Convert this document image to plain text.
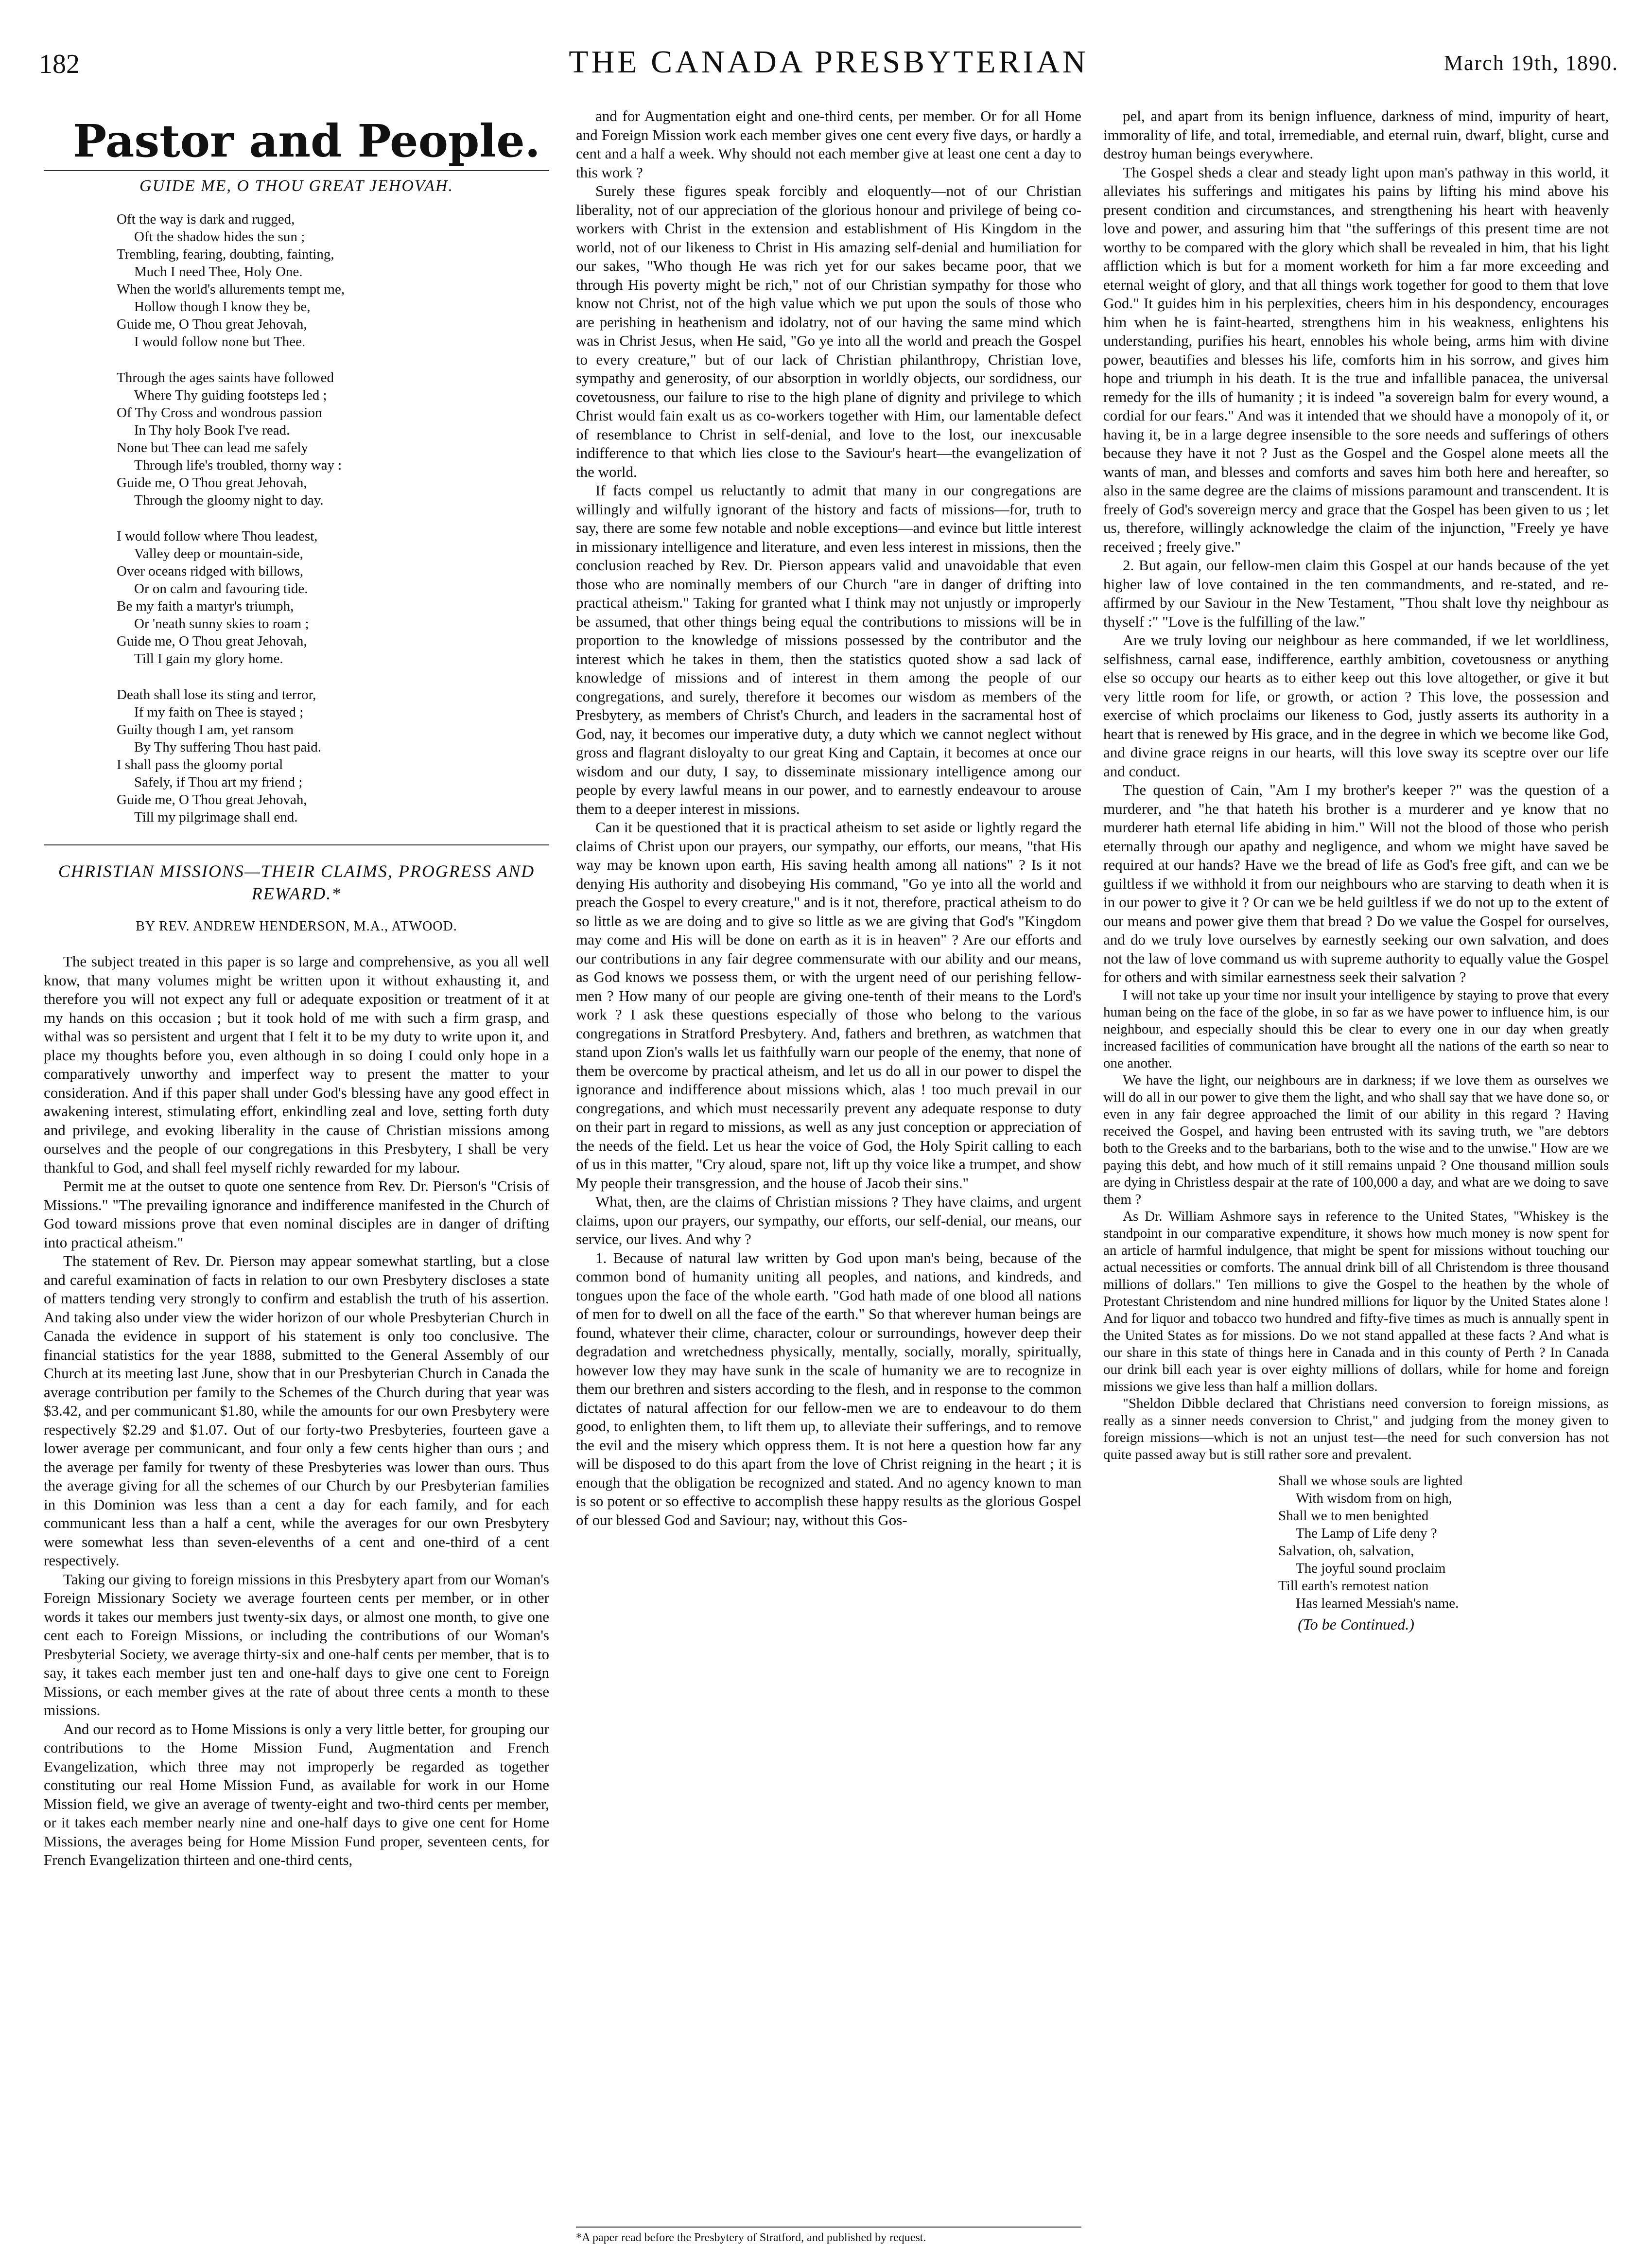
182	THE CANADA PRESBYTERIAN	March 19th, 1890.
Pastor and People.
GUIDE ME, O THOU GREAT JEHOVAH.
Oft the way is dark and rugged,
Oft the shadow hides the sun ;
Trembling, fearing, doubting, fainting,
Much I need Thee, Holy One.
When the world's allurements tempt me,
Hollow though I know they be,
Guide me, O Thou great Jehovah,
I would follow none but Thee.
Through the ages saints have followed
Where Thy guiding footsteps led ;
Of Thy Cross and wondrous passion
In Thy holy Book I've read.
None but Thee can lead me safely
Through life's troubled, thorny way :
Guide me, O Thou great Jehovah,
Through the gloomy night to day.
I would follow where Thou leadest,
Valley deep or mountain-side,
Over oceans ridged with billows,
Or on calm and favouring tide.
Be my faith a martyr's triumph,
Or 'neath sunny skies to roam ;
Guide me, O Thou great Jehovah,
Till I gain my glory home.
Death shall lose its sting and terror,
If my faith on Thee is stayed ;
Guilty though I am, yet ransom
By Thy suffering Thou hast paid.
I shall pass the gloomy portal
Safely, if Thou art my friend ;
Guide me, O Thou great Jehovah,
Till my pilgrimage shall end.
CHRISTIAN MISSIONS—THEIR CLAIMS, PROGRESS AND REWARD.*
BY REV. ANDREW HENDERSON, M.A., ATWOOD.

The subject treated in this paper is so large and comprehensive, as you all well know, that many volumes might be written upon it without exhausting it, and therefore you will not expect any full or adequate exposition or treatment of it at my hands on this occasion ; but it took hold of me with such a firm grasp, and withal was so persistent and urgent that I felt it to be my duty to write upon it, and place my thoughts before you, even although in so doing I could only hope in a comparatively unworthy and imperfect way to present the matter to your consideration. And if this paper shall under God's blessing have any good effect in awakening interest, stimulating effort, enkindling zeal and love, setting forth duty and privilege, and evoking liberality in the cause of Christian missions among ourselves and the people of our congregations in this Presbytery, I shall be very thankful to God, and shall feel myself richly rewarded for my labour.

Permit me at the outset to quote one sentence from Rev. Dr. Pierson's "Crisis of Missions." "The prevailing ignorance and indifference manifested in the Church of God toward missions prove that even nominal disciples are in danger of drifting into practical atheism."

The statement of Rev. Dr. Pierson may appear somewhat startling, but a close and careful examination of facts in relation to our own Presbytery discloses a state of matters tending very strongly to confirm and establish the truth of his assertion. And taking also under view the wider horizon of our whole Presbyterian Church in Canada the evidence in support of his statement is only too conclusive. The financial statistics for the year 1888, submitted to the General Assembly of our Church at its meeting last June, show that in our Presbyterian Church in Canada the average contribution per family to the Schemes of the Church during that year was $3.42, and per communicant $1.80, while the amounts for our own Presbytery were respectively $2.29 and $1.07. Out of our forty-two Presbyteries, fourteen gave a lower average per communicant, and four only a few cents higher than ours ; and the average per family for twenty of these Presbyteries was lower than ours. Thus the average giving for all the schemes of our Church by our Presbyterian families in this Dominion was less than a cent a day for each family, and for each communicant less than a half a cent, while the averages for our own Presbytery were somewhat less than seven-elevenths of a cent and one-third of a cent respectively.

Taking our giving to foreign missions in this Presbytery apart from our Woman's Foreign Missionary Society we average fourteen cents per member, or in other words it takes our members just twenty-six days, or almost one month, to give one cent each to Foreign Missions, or including the contributions of our Woman's Presbyterial Society, we average thirty-six and one-half cents per member, that is to say, it takes each member just ten and one-half days to give one cent to Foreign Missions, or each member gives at the rate of about three cents a month to these missions.

And our record as to Home Missions is only a very little better, for grouping our contributions to the Home Mission Fund, Augmentation and French Evangelization, which three may not improperly be regarded as together constituting our real Home Mission Fund, as available for work in our Home Mission field, we give an average of twenty-eight and two-third cents per member, or it takes each member nearly nine and one-half days to give one cent for Home Missions, the averages being for Home Mission Fund proper, seventeen cents, for French Evangelization thirteen and one-third cents,

and for Augmentation eight and one-third cents, per member. Or for all Home and Foreign Mission work each member gives one cent every five days, or hardly a cent and a half a week. Why should not each member give at least one cent a day to this work ?

Surely these figures speak forcibly and eloquently—not of our Christian liberality, not of our appreciation of the glorious honour and privilege of being co-workers with Christ in the extension and establishment of His Kingdom in the world, not of our likeness to Christ in His amazing self-denial and humiliation for our sakes, "Who though He was rich yet for our sakes became poor, that we through His poverty might be rich," not of our Christian sympathy for those who know not Christ, not of the high value which we put upon the souls of those who are perishing in heathenism and idolatry, not of our having the same mind which was in Christ Jesus, when He said, "Go ye into all the world and preach the Gospel to every creature," but of our lack of Christian philanthropy, Christian love, sympathy and generosity, of our absorption in worldly objects, our sordidness, our covetousness, our failure to rise to the high plane of dignity and privilege to which Christ would fain exalt us as co-workers together with Him, our lamentable defect of resemblance to Christ in self-denial, and love to the lost, our inexcusable indifference to that which lies close to the Saviour's heart—the evangelization of the world.

If facts compel us reluctantly to admit that many in our congregations are willingly and wilfully ignorant of the history and facts of missions—for, truth to say, there are some few notable and noble exceptions—and evince but little interest in missionary intelligence and literature, and even less interest in missions, then the conclusion reached by Rev. Dr. Pierson appears valid and unavoidable that even those who are nominally members of our Church "are in danger of drifting into practical atheism." Taking for granted what I think may not unjustly or improperly be assumed, that other things being equal the contributions to missions will be in proportion to the knowledge of missions possessed by the contributor and the interest which he takes in them, then the statistics quoted show a sad lack of knowledge of missions and of interest in them among the people of our congregations, and surely, therefore it becomes our wisdom as members of the Presbytery, as members of Christ's Church, and leaders in the sacramental host of God, nay, it becomes our imperative duty, a duty which we cannot neglect without gross and flagrant disloyalty to our great King and Captain, it becomes at once our wisdom and our duty, I say, to disseminate missionary intelligence among our people by every lawful means in our power, and to earnestly endeavour to arouse them to a deeper interest in missions.

Can it be questioned that it is practical atheism to set aside or lightly regard the claims of Christ upon our prayers, our sympathy, our efforts, our means, "that His way may be known upon earth, His saving health among all nations" ? Is it not denying His authority and disobeying His command, "Go ye into all the world and preach the Gospel to every creature," and is it not, therefore, practical atheism to do so little as we are doing and to give so little as we are giving that God's "Kingdom may come and His will be done on earth as it is in heaven" ? Are our efforts and our contributions in any fair degree commensurate with our ability and our means, as God knows we possess them, or with the urgent need of our perishing fellow-men ? How many of our people are giving one-tenth of their means to the Lord's work ? I ask these questions especially of those who belong to the various congregations in Stratford Presbytery. And, fathers and brethren, as watchmen that stand upon Zion's walls let us faithfully warn our people of the enemy, that none of them be overcome by practical atheism, and let us do all in our power to dispel the ignorance and indifference about missions which, alas ! too much prevail in our congregations, and which must necessarily prevent any adequate response to duty on their part in regard to missions, as well as any just conception or appreciation of the needs of the field. Let us hear the voice of God, the Holy Spirit calling to each of us in this matter, "Cry aloud, spare not, lift up thy voice like a trumpet, and show My people their transgression, and the house of Jacob their sins."

What, then, are the claims of Christian missions ? They have claims, and urgent claims, upon our prayers, our sympathy, our efforts, our self-denial, our means, our service, our lives. And why ?

1. Because of natural law written by God upon man's being, because of the common bond of humanity uniting all peoples, and nations, and kindreds, and tongues upon the face of the whole earth. "God hath made of one blood all nations of men for to dwell on all the face of the earth." So that wherever human beings are found, whatever their clime, character, colour or surroundings, however deep their degradation and wretchedness physically, mentally, socially, morally, spiritually, however low they may have sunk in the scale of humanity we are to recognize in them our brethren and sisters according to the flesh, and in response to the common dictates of natural affection for our fellow-men we are to endeavour to do them good, to enlighten them, to lift them up, to alleviate their sufferings, and to remove the evil and the misery which oppress them. It is not here a question how far any will be disposed to do this apart from the love of Christ reigning in the heart ; it is enough that the obligation be recognized and stated. And no agency known to man is so potent or so effective to accomplish these happy results as the glorious Gospel of our blessed God and Saviour; nay, without this Gos-

pel, and apart from its benign influence, darkness of mind, impurity of heart, immorality of life, and total, irremediable, and eternal ruin, dwarf, blight, curse and destroy human beings everywhere.

The Gospel sheds a clear and steady light upon man's pathway in this world, it alleviates his sufferings and mitigates his pains by lifting his mind above his present condition and circumstances, and strengthening his heart with heavenly love and power, and assuring him that "the sufferings of this present time are not worthy to be compared with the glory which shall be revealed in him, that his light affliction which is but for a moment worketh for him a far more exceeding and eternal weight of glory, and that all things work together for good to them that love God." It guides him in his perplexities, cheers him in his despondency, encourages him when he is faint-hearted, strengthens him in his weakness, enlightens his understanding, purifies his heart, ennobles his whole being, arms him with divine power, beautifies and blesses his life, comforts him in his sorrow, and gives him hope and triumph in his death. It is the true and infallible panacea, the universal remedy for the ills of humanity ; it is indeed "a sovereign balm for every wound, a cordial for our fears." And was it intended that we should have a monopoly of it, or having it, be in a large degree insensible to the sore needs and sufferings of others because they have it not ? Just as the Gospel and the Gospel alone meets all the wants of man, and blesses and comforts and saves him both here and hereafter, so also in the same degree are the claims of missions paramount and transcendent. It is freely of God's sovereign mercy and grace that the Gospel has been given to us ; let us, therefore, willingly acknowledge the claim of the injunction, "Freely ye have received ; freely give."

2. But again, our fellow-men claim this Gospel at our hands because of the yet higher law of love contained in the ten commandments, and re-stated, and re-affirmed by our Saviour in the New Testament, "Thou shalt love thy neighbour as thyself :" "Love is the fulfilling of the law."

Are we truly loving our neighbour as here commanded, if we let worldliness, selfishness, carnal ease, indifference, earthly ambition, covetousness or anything else so occupy our hearts as to either keep out this love altogether, or give it but very little room for life, or growth, or action ? This love, the possession and exercise of which proclaims our likeness to God, justly asserts its authority in a heart that is renewed by His grace, and in the degree in which we become like God, and divine grace reigns in our hearts, will this love sway its sceptre over our life and conduct.

The question of Cain, "Am I my brother's keeper ?" was the question of a murderer, and "he that hateth his brother is a murderer and ye know that no murderer hath eternal life abiding in him." Will not the blood of those who perish eternally through our apathy and negligence, and whom we might have saved be required at our hands? Have we the bread of life as God's free gift, and can we be guiltless if we withhold it from our neighbours who are starving to death when it is in our power to give it ? Or can we be held guiltless if we do not up to the extent of our means and power give them that bread ? Do we value the Gospel for ourselves, and do we truly love ourselves by earnestly seeking our own salvation, and does not the law of love command us with supreme authority to equally value the Gospel for others and with similar earnestness seek their salvation ?

I will not take up your time nor insult your intelligence by staying to prove that every human being on the face of the globe, in so far as we have power to influence him, is our neighbour, and especially should this be clear to every one in our day when greatly increased facilities of communication have brought all the nations of the earth so near to one another.

We have the light, our neighbours are in darkness; if we love them as ourselves we will do all in our power to give them the light, and who shall say that we have done so, or even in any fair degree approached the limit of our ability in this regard ? Having received the Gospel, and having been entrusted with its saving truth, we "are debtors both to the Greeks and to the barbarians, both to the wise and to the unwise." How are we paying this debt, and how much of it still remains unpaid ? One thousand million souls are dying in Christless despair at the rate of 100,000 a day, and what are we doing to save them ?

As Dr. William Ashmore says in reference to the United States, "Whiskey is the standpoint in our comparative expenditure, it shows how much money is now spent for an article of harmful indulgence, that might be spent for missions without touching our actual necessities or comforts. The annual drink bill of all Christendom is three thousand millions of dollars." Ten millions to give the Gospel to the heathen by the whole of Protestant Christendom and nine hundred millions for liquor by the United States alone ! And for liquor and tobacco two hundred and fifty-five times as much is annually spent in the United States as for missions. Do we not stand appalled at these facts ? And what is our share in this state of things here in Canada and in this county of Perth ? In Canada our drink bill each year is over eighty millions of dollars, while for home and foreign missions we give less than half a million dollars.

"Sheldon Dibble declared that Christians need conversion to foreign missions, as really as a sinner needs conversion to Christ," and judging from the money given to foreign missions—which is not an unjust test—the need for such conversion has not quite passed away but is still rather sore and prevalent.

Shall we whose souls are lighted
With wisdom from on high,
Shall we to men benighted
The Lamp of Life deny ?
Salvation, oh, salvation,
The joyful sound proclaim
Till earth's remotest nation
Has learned Messiah's name.
(To be Continued.)
*A paper read before the Presbytery of Stratford, and published by request.
